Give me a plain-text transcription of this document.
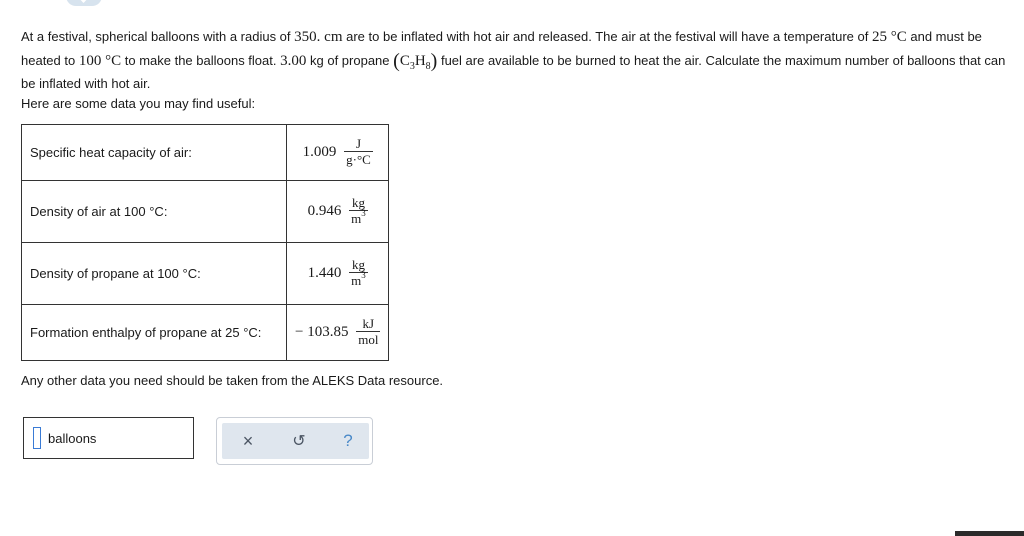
At a festival, spherical balloons with a radius of 350. cm are to be inflated with hot air and released. The air at the festival will have a temperature of 25 °C and must be heated to 100 °C to make the balloons float. 3.00 kg of propane $(C_3H_8)$ fuel are available to be burned to heat the air. Calculate the maximum number of balloons that can be inflated with hot air.
Here are some data you may find useful:
Specific heat capacity of air:	$1.009 \frac{J}{g\cdot^\circ C}$

Density of air at 100 °C:	$0.946 \frac{kg}{m^3}$

Density of propane at 100 °C:	$1.440 \frac{kg}{m^3}$

Formation enthalpy of propane at 25 °C:	− $103.85 \frac{kJ}{\text{mol}}$
Any other data you need should be taken from the ALEKS Data resource.
balloons	×	↺	?
